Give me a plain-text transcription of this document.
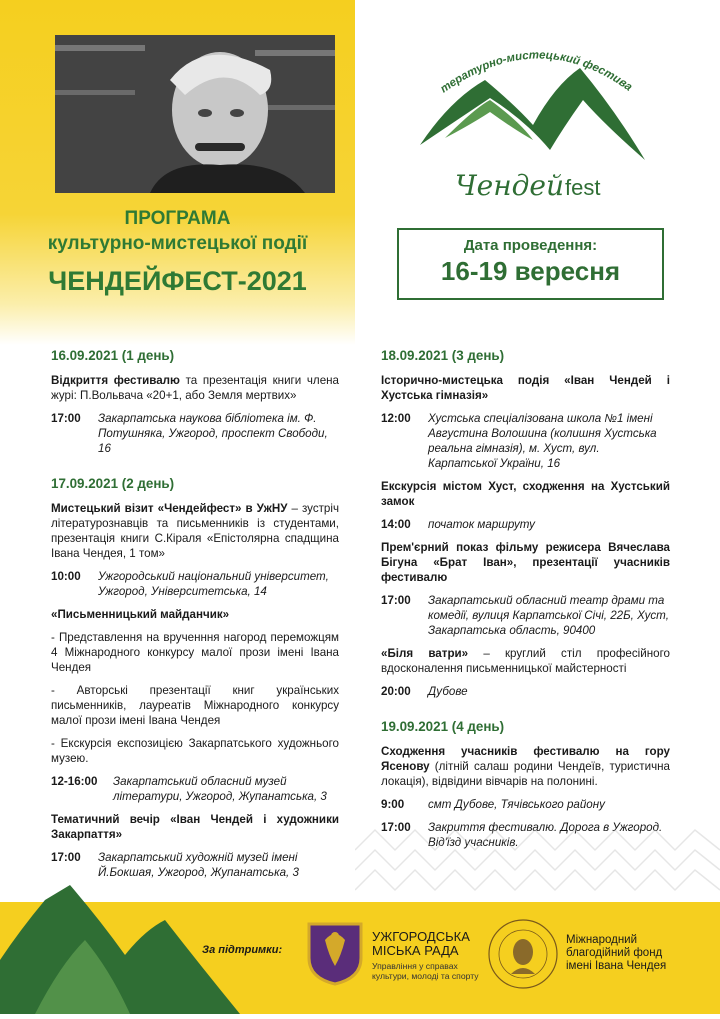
ПРОГРАМА
культурно-мистецької події
ЧЕНДЕЙФЕСТ-2021
тературно-мистецький фестива
Чендей fest
Дата проведення:
16-19 вересня
16.09.2021 (1 день)
Відкриття фестивалю та презентація книги члена журі: П.Вольвача «20+1, або Земля мертвих»
17:00	Закарпатська наукова бібліотека ім. Ф. Потушняка, Ужгород, проспект Свободи, 16
17.09.2021 (2 день)
Мистецький візит «Чендейфест» в УжНУ – зустріч літературознавців та письменників із студентами, презентація книги С.Кіраля «Епістолярна спадщина Івана Чендея, 1 том»
10:00	Ужгородський національний університет, Ужгород, Університетська, 14
«Письменницький майданчик»
- Представлення на врученння нагород переможцям 4 Міжнародного конкурсу малої прози імені Івана Чендея
- Авторські презентації книг українських письменників, лауреатів Міжнародного конкурсу малої прози імені Івана Чендея
- Екскурсія експозицією Закарпатського художнього музею.
12-16:00	Закарпатський обласний музей літератури, Ужгород, Жупанатська, 3
Тематичний вечір «Іван Чендей і художники Закарпаття»
17:00	Закарпатський художній музей імені Й.Бокшая, Ужгород, Жупанатська, 3
18.09.2021 (3 день)
Історично-мистецька подія «Іван Чендей і Хустська гімназія»
12:00	Хустська спеціалізована школа №1 імені Августина Волошина (колишня Хустська реальна гімназія), м. Хуст, вул. Карпатської України, 16
Екскурсія містом Хуст, сходження на Хустський замок
14:00	початок маршруту
Прем'єрний показ фільму режисера Вячеслава Бігуна «Брат Іван», презентації учасників фестивалю
17:00	Закарпатський обласний театр драми та комедії, вулиця Карпатської Січі, 22Б, Хуст, Закарпатська область, 90400
«Біля ватри» – круглий стіл професійного вдосконалення письменницької майстерності
20:00	Дубове
19.09.2021 (4 день)
Сходження учасників фестивалю на гору Ясенову (літній салаш родини Чендеїв, туристична локація), відвідини вівчарів на полонині.
9:00	смт Дубове, Тячівського району
17:00	Закриття фестивалю. Дорога в Ужгород. Від'їзд учасників.
За підтримки:
УЖГОРОДСЬКА
МІСЬКА РАДА
Управління у справах
культури, молоді та спорту
Міжнародний
благодійний фонд
імені Івана Чендея
